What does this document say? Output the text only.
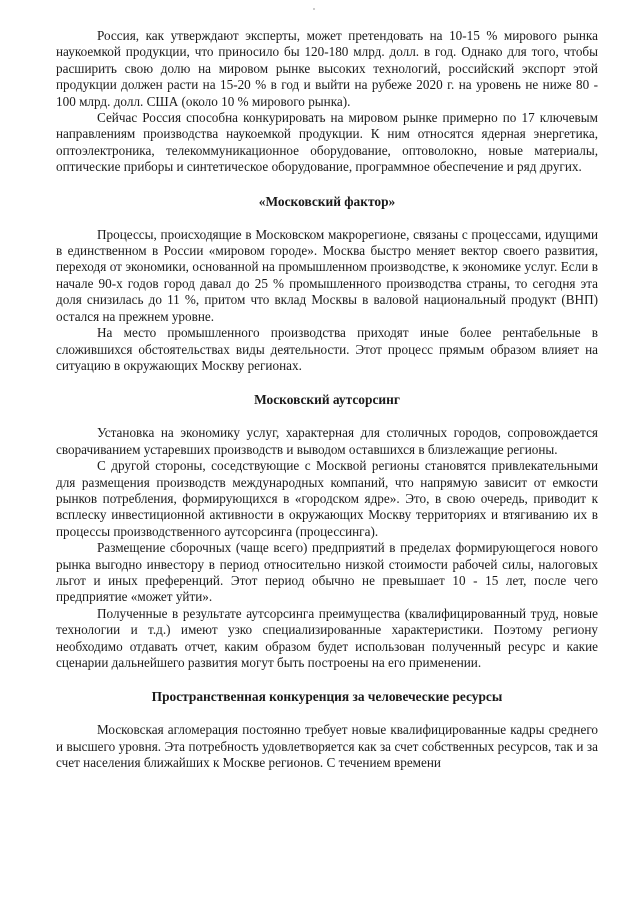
Россия, как утверждают эксперты, может претендовать на 10-15 % мирового рынка наукоемкой продукции, что приносило бы 120-180 млрд. долл. в год. Однако для того, чтобы расширить свою долю на мировом рынке высоких технологий, российский экспорт этой продукции должен расти на 15-20 % в год и выйти на рубеже 2020 г. на уровень не ниже 80 - 100 млрд. долл. США (около 10 % мирового рынка).

Сейчас Россия способна конкурировать на мировом рынке примерно по 17 ключевым направлениям производства наукоемкой продукции. К ним относятся ядерная энергетика, оптоэлектроника, телекоммуникационное оборудование, оптоволокно, новые материалы, оптические приборы и синтетическое оборудование, программное обеспечение и ряд других.

«Московский фактор»

Процессы, происходящие в Московском макрорегионе, связаны с процессами, идущими в единственном в России «мировом городе». Москва быстро меняет вектор своего развития, переходя от экономики, основанной на промышленном производстве, к экономике услуг. Если в начале 90-х годов город давал до 25 % промышленного производства страны, то сегодня эта доля снизилась до 11 %, притом что вклад Москвы в валовой национальный продукт (ВНП) остался на прежнем уровне.

На место промышленного производства приходят иные более рентабельные в сложившихся обстоятельствах виды деятельности. Этот процесс прямым образом влияет на ситуацию в окружающих Москву регионах.

Московский аутсорсинг

Установка на экономику услуг, характерная для столичных городов, сопровождается сворачиванием устаревших производств и выводом оставшихся в близлежащие регионы.

С другой стороны, соседствующие с Москвой регионы становятся привлекательными для размещения производств международных компаний, что напрямую зависит от емкости рынков потребления, формирующихся в «городском ядре». Это, в свою очередь, приводит к всплеску инвестиционной активности в окружающих Москву территориях и втягиванию их в процессы производственного аутсорсинга (процессинга).

Размещение сборочных (чаще всего) предприятий в пределах формирующегося нового рынка выгодно инвестору в период относительно низкой стоимости рабочей силы, налоговых льгот и иных преференций. Этот период обычно не превышает 10 - 15 лет, после чего предприятие «может уйти».

Полученные в результате аутсорсинга преимущества (квалифицированный труд, новые технологии и т.д.) имеют узко специализированные характеристики. Поэтому региону необходимо отдавать отчет, каким образом будет использован полученный ресурс и какие сценарии дальнейшего развития могут быть построены на его применении.

Пространственная конкуренция за человеческие ресурсы

Московская агломерация постоянно требует новые квалифицированные кадры среднего и высшего уровня. Эта потребность удовлетворяется как за счет собственных ресурсов, так и за счет населения ближайших к Москве регионов. С течением времени
